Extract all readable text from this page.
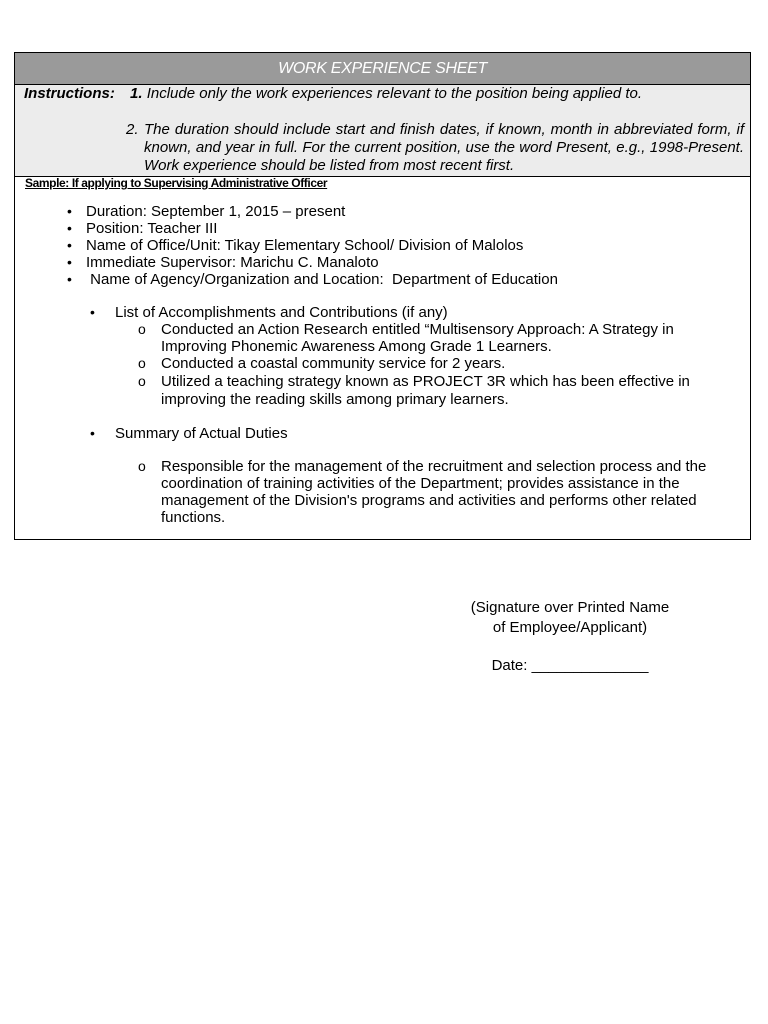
WORK EXPERIENCE SHEET
Instructions: 1. Include only the work experiences relevant to the position being applied to.
2. The duration should include start and finish dates, if known, month in abbreviated form, if known, and year in full. For the current position, use the word Present, e.g., 1998-Present. Work experience should be listed from most recent first.
Sample: If applying to Supervising Administrative Officer
• Duration: September 1, 2015 – present
• Position: Teacher III
• Name of Office/Unit: Tikay Elementary School/ Division of Malolos
• Immediate Supervisor: Marichu C. Manaloto
• Name of Agency/Organization and Location:  Department of Education
• List of Accomplishments and Contributions (if any)
o Conducted an Action Research entitled “Multisensory Approach: A Strategy in
Improving Phonemic Awareness Among Grade 1 Learners.
o Conducted a coastal community service for 2 years.
o Utilized a teaching strategy known as PROJECT 3R which has been effective in
improving the reading skills among primary learners.
• Summary of Actual Duties
o Responsible for the management of the recruitment and selection process and the
coordination of training activities of the Department; provides assistance in the
management of the Division's programs and activities and performs other related
functions.
(Signature over Printed Name
of Employee/Applicant)
Date: ______________
